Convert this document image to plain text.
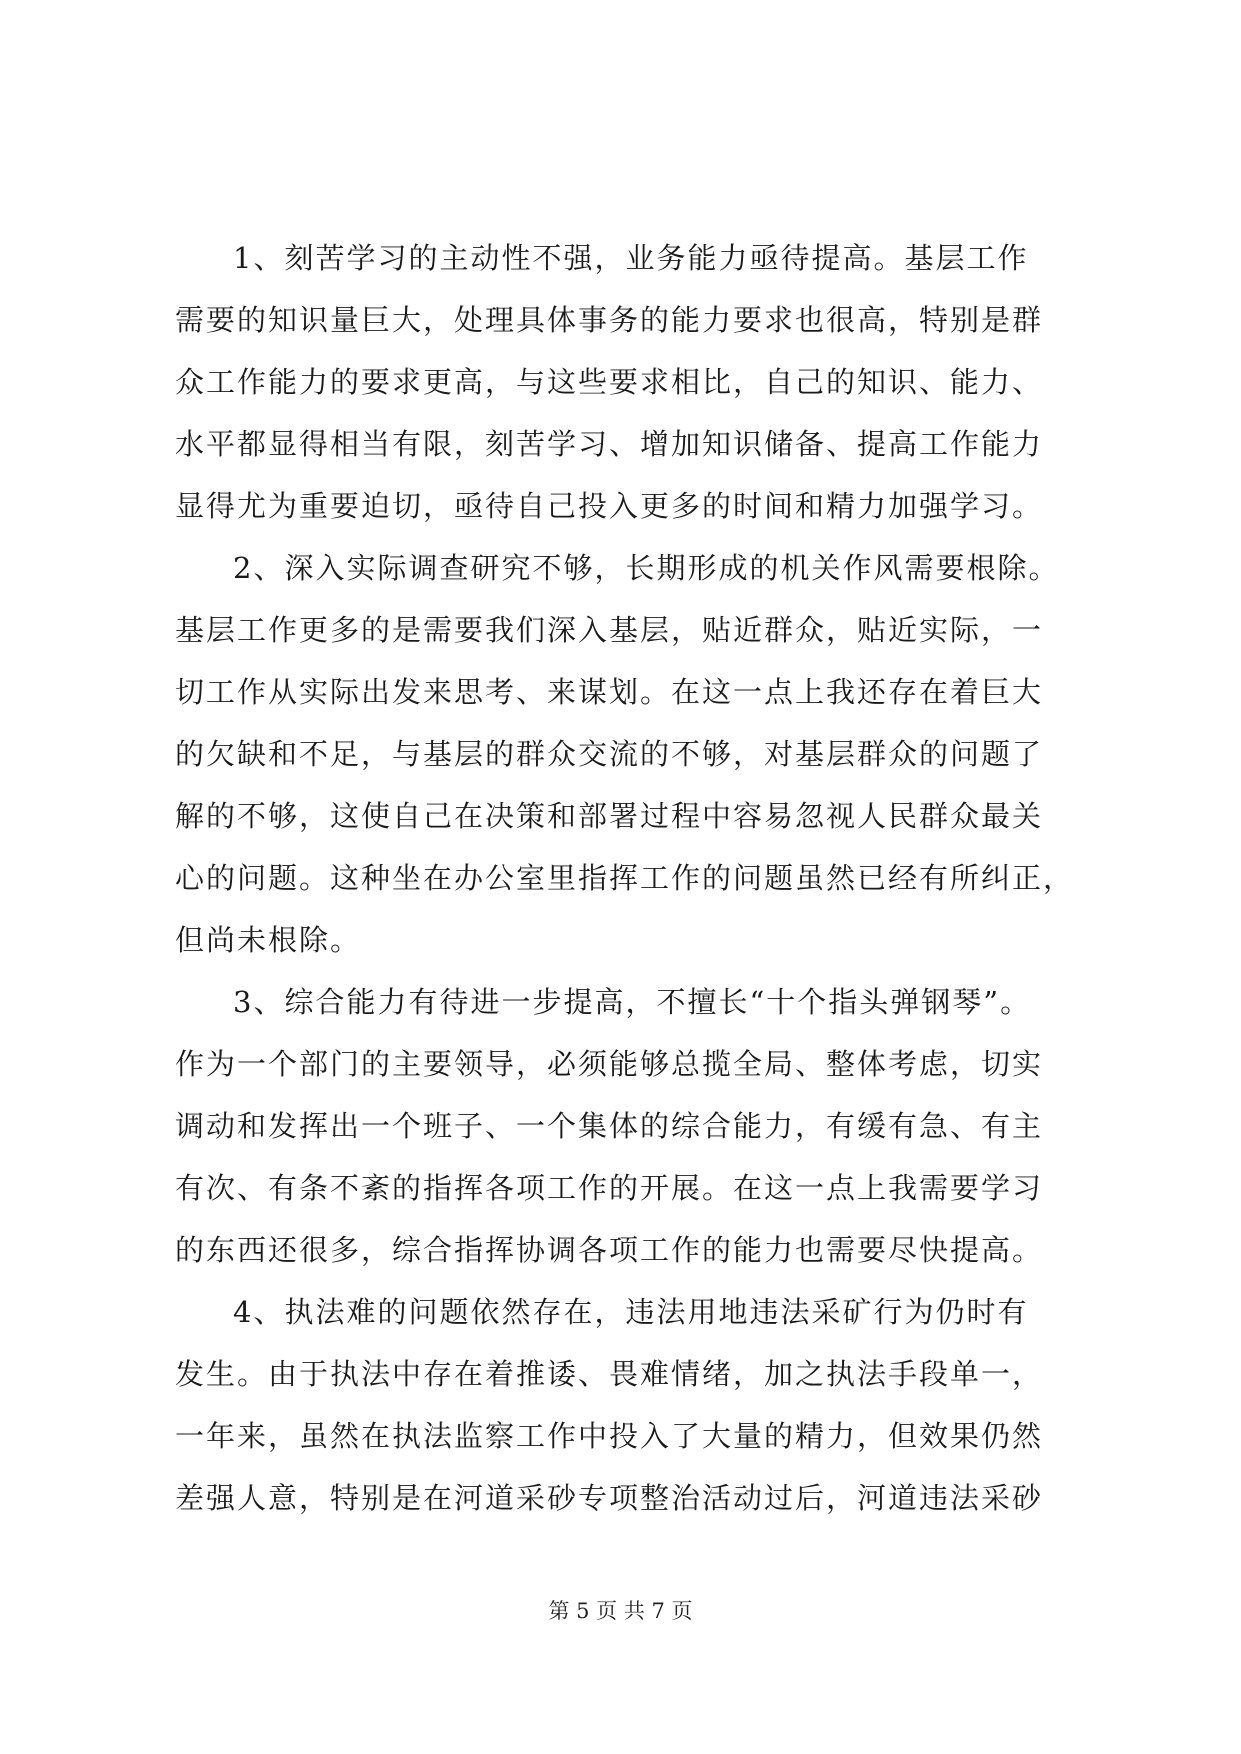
1、刻苦学习的主动性不强，业务能力亟待提高。基层工作
需要的知识量巨大，处理具体事务的能力要求也很高，特别是群
众工作能力的要求更高，与这些要求相比，自己的知识、能力、
水平都显得相当有限，刻苦学习、增加知识储备、提高工作能力
显得尤为重要迫切，亟待自己投入更多的时间和精力加强学习。
2、深入实际调查研究不够，长期形成的机关作风需要根除。
基层工作更多的是需要我们深入基层，贴近群众，贴近实际，一
切工作从实际出发来思考、来谋划。在这一点上我还存在着巨大
的欠缺和不足，与基层的群众交流的不够，对基层群众的问题了
解的不够，这使自己在决策和部署过程中容易忽视人民群众最关
心的问题。这种坐在办公室里指挥工作的问题虽然已经有所纠正，
但尚未根除。
3、综合能力有待进一步提高，不擅长“十个指头弹钢琴”。
作为一个部门的主要领导，必须能够总揽全局、整体考虑，切实
调动和发挥出一个班子、一个集体的综合能力，有缓有急、有主
有次、有条不紊的指挥各项工作的开展。在这一点上我需要学习
的东西还很多，综合指挥协调各项工作的能力也需要尽快提高。
4、执法难的问题依然存在，违法用地违法采矿行为仍时有
发生。由于执法中存在着推诿、畏难情绪，加之执法手段单一，
一年来，虽然在执法监察工作中投入了大量的精力，但效果仍然
差强人意，特别是在河道采砂专项整治活动过后，河道违法采砂
第 5 页 共 7 页
